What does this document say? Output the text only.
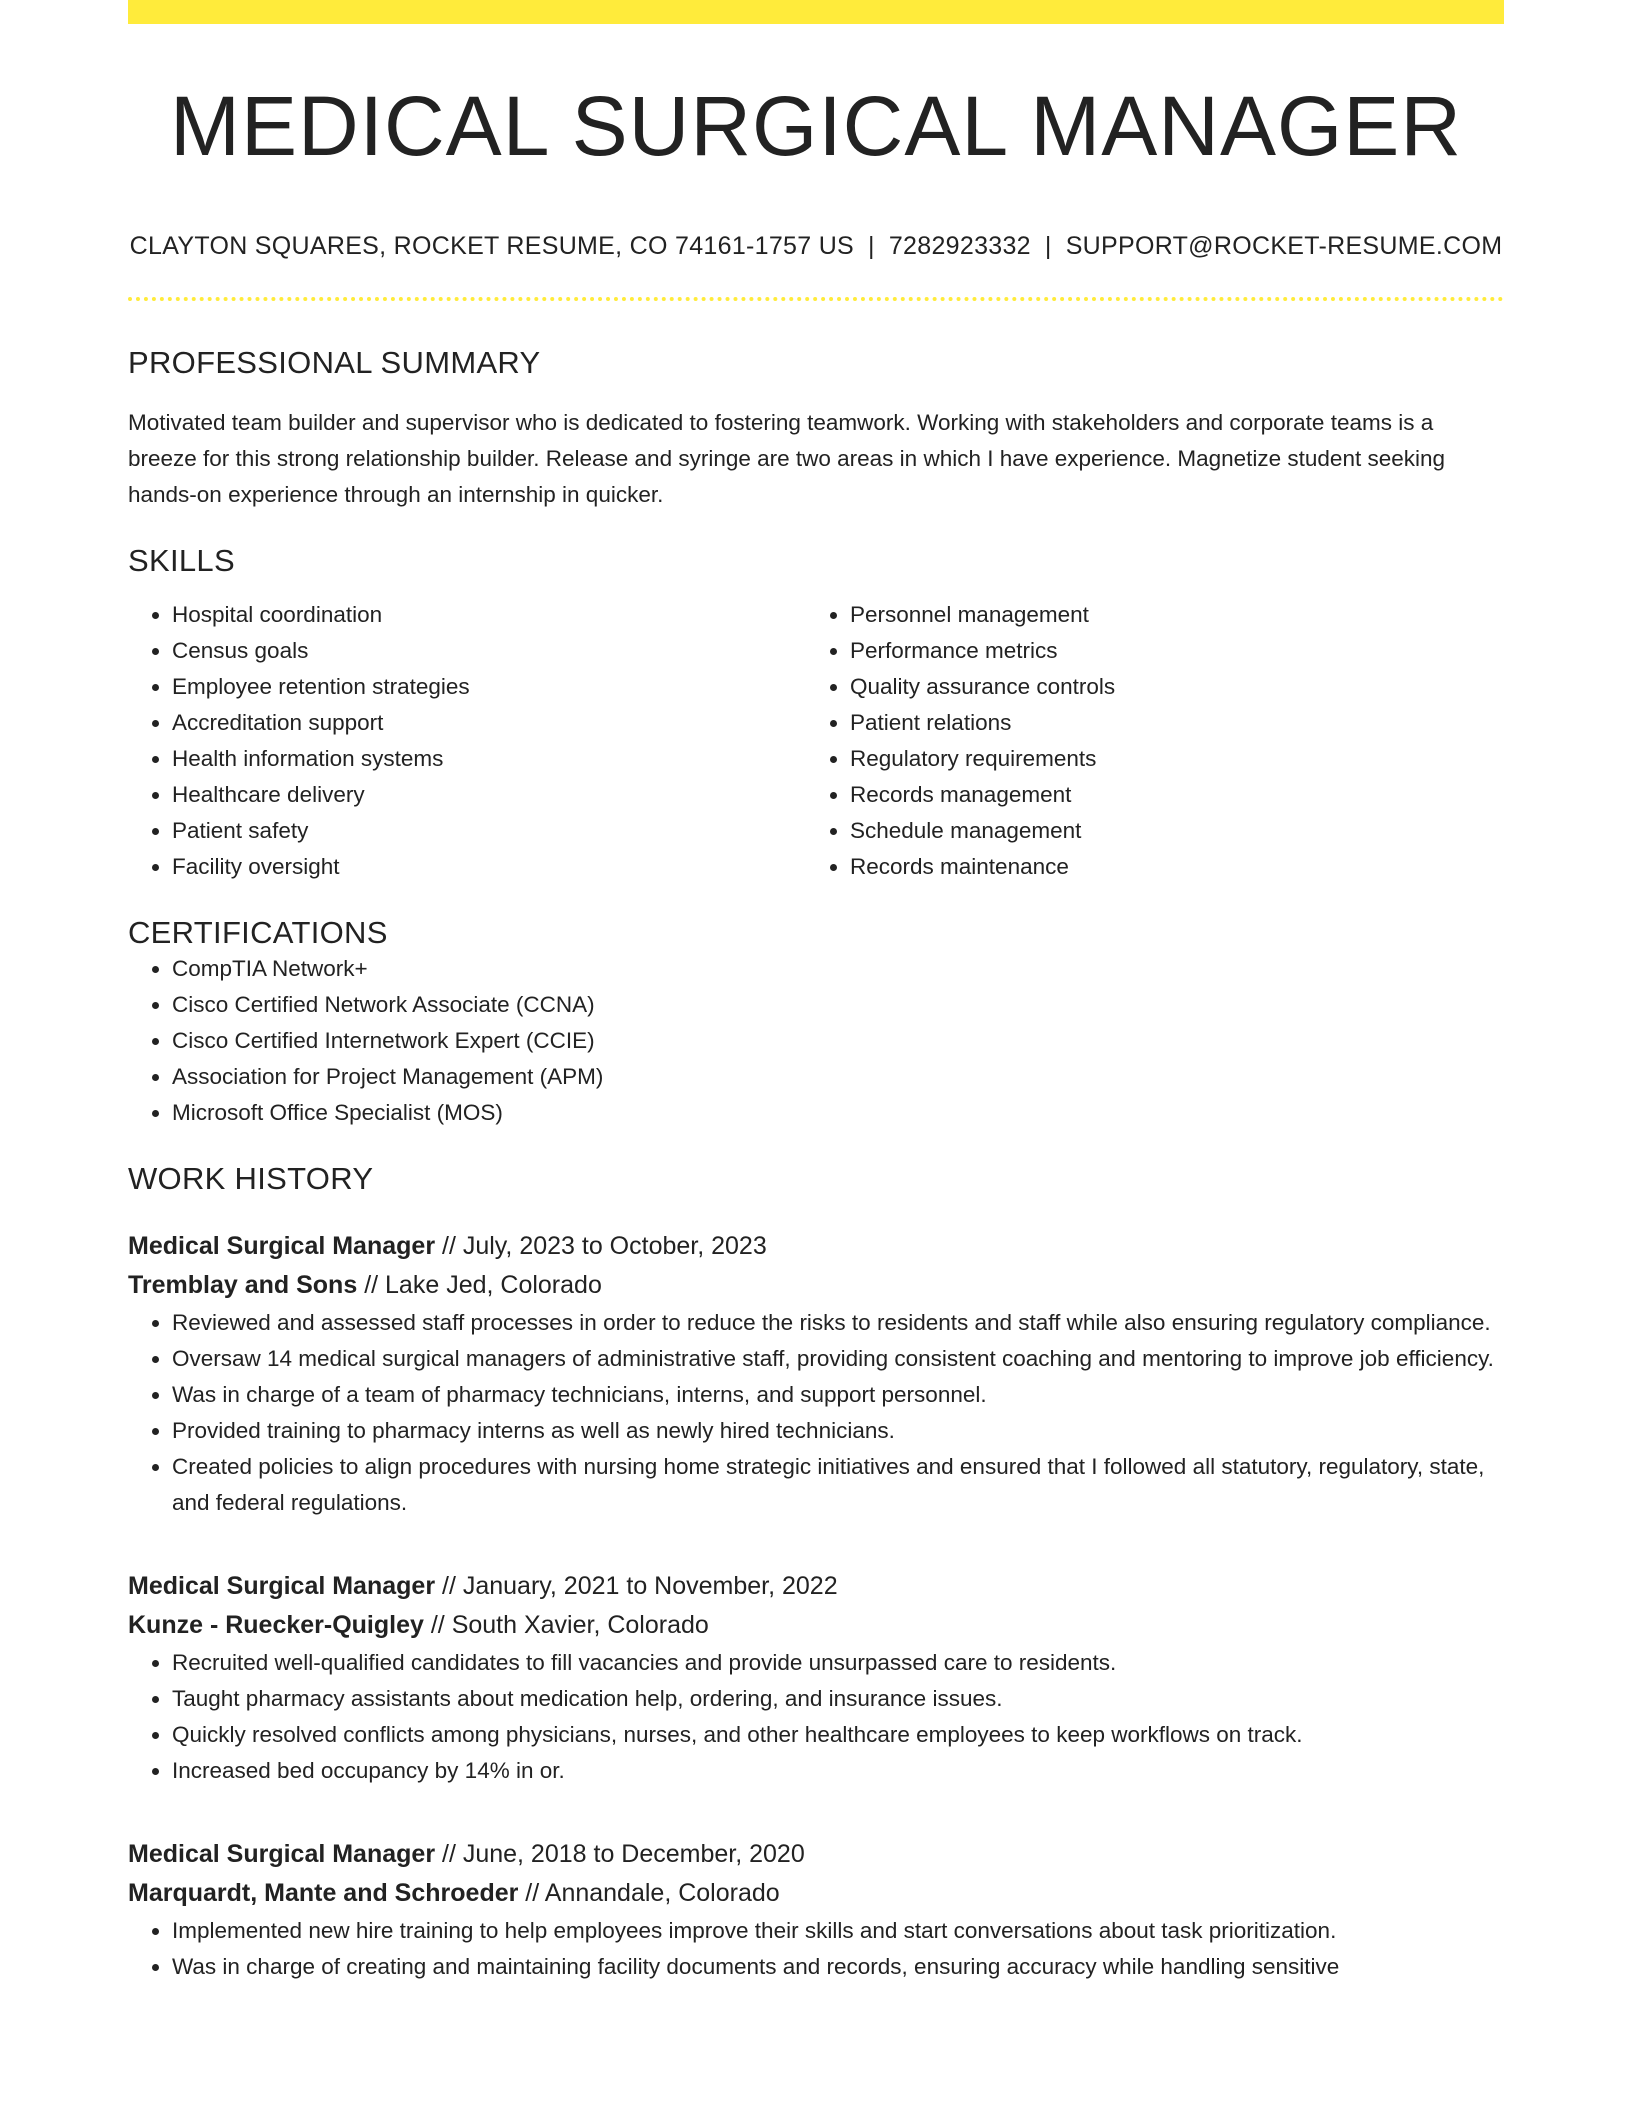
MEDICAL SURGICAL MANAGER
CLAYTON SQUARES, ROCKET RESUME, CO 74161-1757 US | 7282923332 | SUPPORT@ROCKET-RESUME.COM
PROFESSIONAL SUMMARY

Motivated team builder and supervisor who is dedicated to fostering teamwork. Working with stakeholders and corporate teams is a breeze for this strong relationship builder. Release and syringe are two areas in which I have experience. Magnetize student seeking hands-on experience through an internship in quicker.

SKILLS
• Hospital coordination
• Census goals
• Employee retention strategies
• Accreditation support
• Health information systems
• Healthcare delivery
• Patient safety
• Facility oversight
• Personnel management
• Performance metrics
• Quality assurance controls
• Patient relations
• Regulatory requirements
• Records management
• Schedule management
• Records maintenance
CERTIFICATIONS
• CompTIA Network+
• Cisco Certified Network Associate (CCNA)
• Cisco Certified Internetwork Expert (CCIE)
• Association for Project Management (APM)
• Microsoft Office Specialist (MOS)
WORK HISTORY
Medical Surgical Manager // July, 2023 to October, 2023
Tremblay and Sons // Lake Jed, Colorado
• Reviewed and assessed staff processes in order to reduce the risks to residents and staff while also ensuring regulatory compliance.
• Oversaw 14 medical surgical managers of administrative staff, providing consistent coaching and mentoring to improve job efficiency.
• Was in charge of a team of pharmacy technicians, interns, and support personnel.
• Provided training to pharmacy interns as well as newly hired technicians.
• Created policies to align procedures with nursing home strategic initiatives and ensured that I followed all statutory, regulatory, state, and federal regulations.
Medical Surgical Manager // January, 2021 to November, 2022
Kunze - Ruecker-Quigley // South Xavier, Colorado
• Recruited well-qualified candidates to fill vacancies and provide unsurpassed care to residents.
• Taught pharmacy assistants about medication help, ordering, and insurance issues.
• Quickly resolved conflicts among physicians, nurses, and other healthcare employees to keep workflows on track.
• Increased bed occupancy by 14% in or.
Medical Surgical Manager // June, 2018 to December, 2020
Marquardt, Mante and Schroeder // Annandale, Colorado
• Implemented new hire training to help employees improve their skills and start conversations about task prioritization.
• Was in charge of creating and maintaining facility documents and records, ensuring accuracy while handling sensitive
